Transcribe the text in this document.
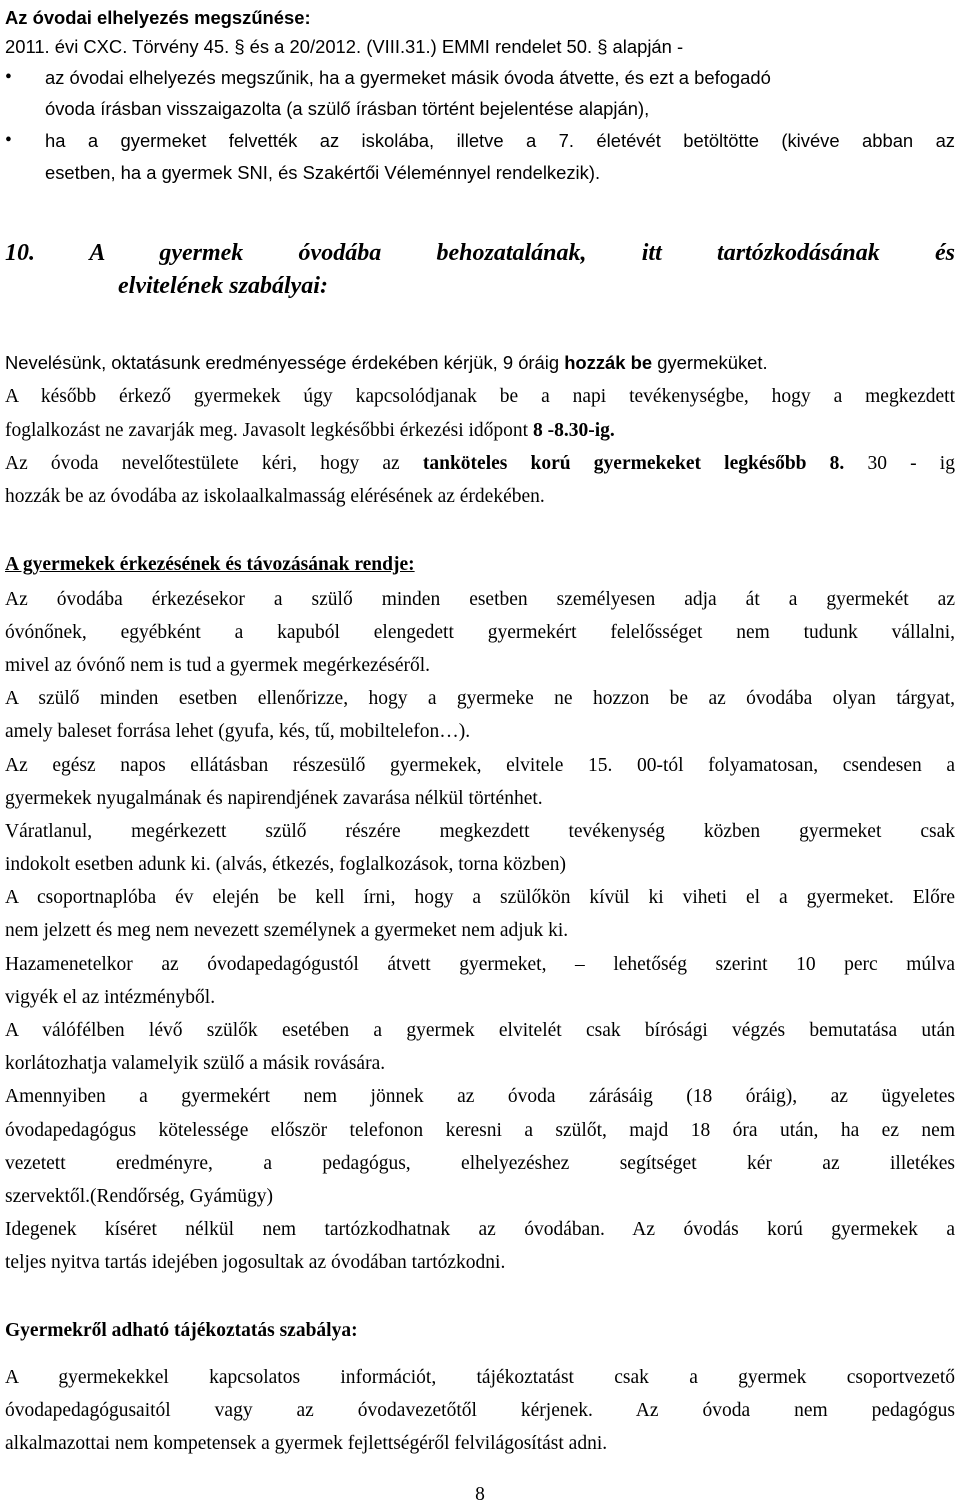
Az óvodai elhelyezés megszűnése:
2011. évi CXC. Törvény 45. § és a 20/2012. (VIII.31.) EMMI rendelet 50. § alapján -
•	az óvodai elhelyezés megszűnik, ha a gyermeket másik óvoda átvette, és ezt a befogadó
óvoda írásban visszaigazolta (a szülő írásban történt bejelentése alapján),
•	ha a gyermeket felvették az iskolába, illetve a 7. életévét betöltötte (kivéve abban az
esetben, ha a gyermek SNI, és Szakértői Véleménnyel rendelkezik).
10. A gyermek óvodába behozatalának, itt tartózkodásának és
elvitelének szabályai:
Nevelésünk, oktatásunk eredményessége érdekében kérjük, 9 óráig hozzák be gyermeküket.
A később érkező gyermekek úgy kapcsolódjanak be a napi tevékenységbe, hogy a megkezdett
foglalkozást ne zavarják meg. Javasolt legkésőbbi érkezési időpont 8 -8.30-ig.
Az óvoda nevelőtestülete kéri, hogy az tanköteles korú gyermekeket legkésőbb 8. 30 - ig
hozzák be az óvodába az iskolaalkalmasság elérésének az érdekében.
A gyermekek érkezésének és távozásának rendje:
Az óvodába érkezésekor a szülő minden esetben személyesen adja át a gyermekét az
óvónőnek, egyébként a kapuból elengedett gyermekért felelősséget nem tudunk vállalni,
mivel az óvónő nem is tud a gyermek megérkezéséről.
A szülő minden esetben ellenőrizze, hogy a gyermeke ne hozzon be az óvodába olyan tárgyat,
amely baleset forrása lehet (gyufa, kés, tű, mobiltelefon…).
Az egész napos ellátásban részesülő gyermekek, elvitele 15. 00-tól folyamatosan, csendesen a
gyermekek nyugalmának és napirendjének zavarása nélkül történhet.
Váratlanul, megérkezett szülő részére megkezdett tevékenység közben gyermeket csak
indokolt esetben adunk ki. (alvás, étkezés, foglalkozások, torna közben)
A csoportnaplóba év elején be kell írni, hogy a szülőkön kívül ki viheti el a gyermeket. Előre
nem jelzett és meg nem nevezett személynek a gyermeket nem adjuk ki.
Hazamenetelkor az óvodapedagógustól átvett gyermeket, – lehetőség szerint 10 perc múlva
vigyék el az intézményből.
A válófélben lévő szülők esetében a gyermek elvitelét csak bírósági végzés bemutatása után
korlátozhatja valamelyik szülő a másik rovására.
Amennyiben a gyermekért nem jönnek az óvoda zárásáig (18 óráig), az ügyeletes
óvodapedagógus kötelessége először telefonon keresni a szülőt, majd 18 óra után, ha ez nem
vezetett eredményre, a pedagógus, elhelyezéshez segítséget kér az illetékes
szervektől.(Rendőrség, Gyámügy)
Idegenek kíséret nélkül nem tartózkodhatnak az óvodában. Az óvodás korú gyermekek a
teljes nyitva tartás idejében jogosultak az óvodában tartózkodni.
Gyermekről adható tájékoztatás szabálya:
A gyermekekkel kapcsolatos információt, tájékoztatást csak a gyermek csoportvezető
óvodapedagógusaitól vagy az óvodavezetőtől kérjenek. Az óvoda nem pedagógus
alkalmazottai nem kompetensek a gyermek fejlettségéről felvilágosítást adni.
8
